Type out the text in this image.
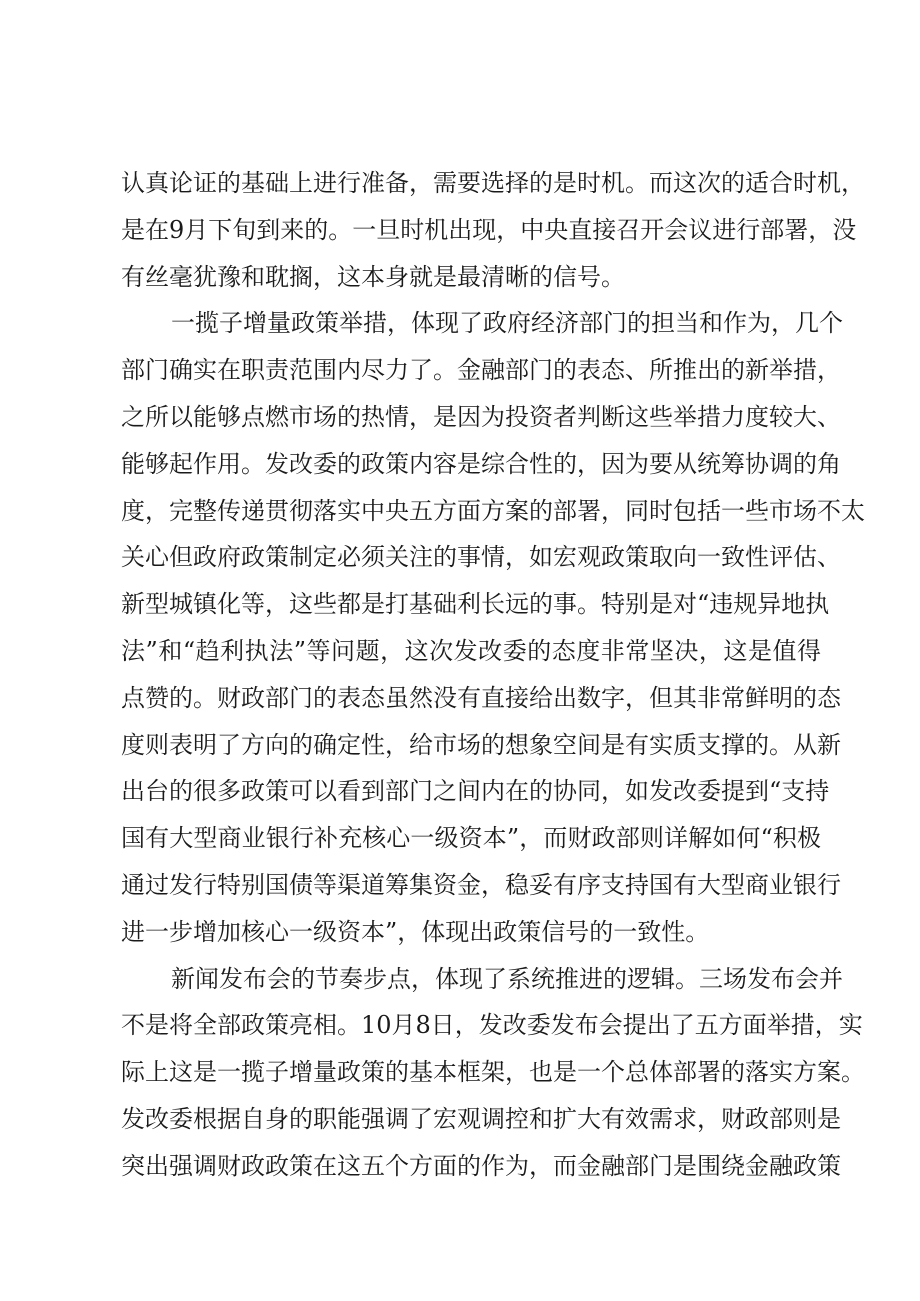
认真论证的基础上进行准备，需要选择的是时机。而这次的适合时机，
是在9月下旬到来的。一旦时机出现，中央直接召开会议进行部署，没
有丝毫犹豫和耽搁，这本身就是最清晰的信号。
一揽子增量政策举措，体现了政府经济部门的担当和作为，几个
部门确实在职责范围内尽力了。金融部门的表态、所推出的新举措，
之所以能够点燃市场的热情，是因为投资者判断这些举措力度较大、
能够起作用。发改委的政策内容是综合性的，因为要从统筹协调的角
度，完整传递贯彻落实中央五方面方案的部署，同时包括一些市场不太
关心但政府政策制定必须关注的事情，如宏观政策取向一致性评估、
新型城镇化等，这些都是打基础利长远的事。特别是对“违规异地执
法”和“趋利执法”等问题，这次发改委的态度非常坚决，这是值得
点赞的。财政部门的表态虽然没有直接给出数字，但其非常鲜明的态
度则表明了方向的确定性，给市场的想象空间是有实质支撑的。从新
出台的很多政策可以看到部门之间内在的协同，如发改委提到“支持
国有大型商业银行补充核心一级资本”，而财政部则详解如何“积极
通过发行特别国债等渠道筹集资金，稳妥有序支持国有大型商业银行
进一步增加核心一级资本”，体现出政策信号的一致性。
新闻发布会的节奏步点，体现了系统推进的逻辑。三场发布会并
不是将全部政策亮相。10月8日，发改委发布会提出了五方面举措，实
际上这是一揽子增量政策的基本框架，也是一个总体部署的落实方案。
发改委根据自身的职能强调了宏观调控和扩大有效需求，财政部则是
突出强调财政政策在这五个方面的作为，而金融部门是围绕金融政策
